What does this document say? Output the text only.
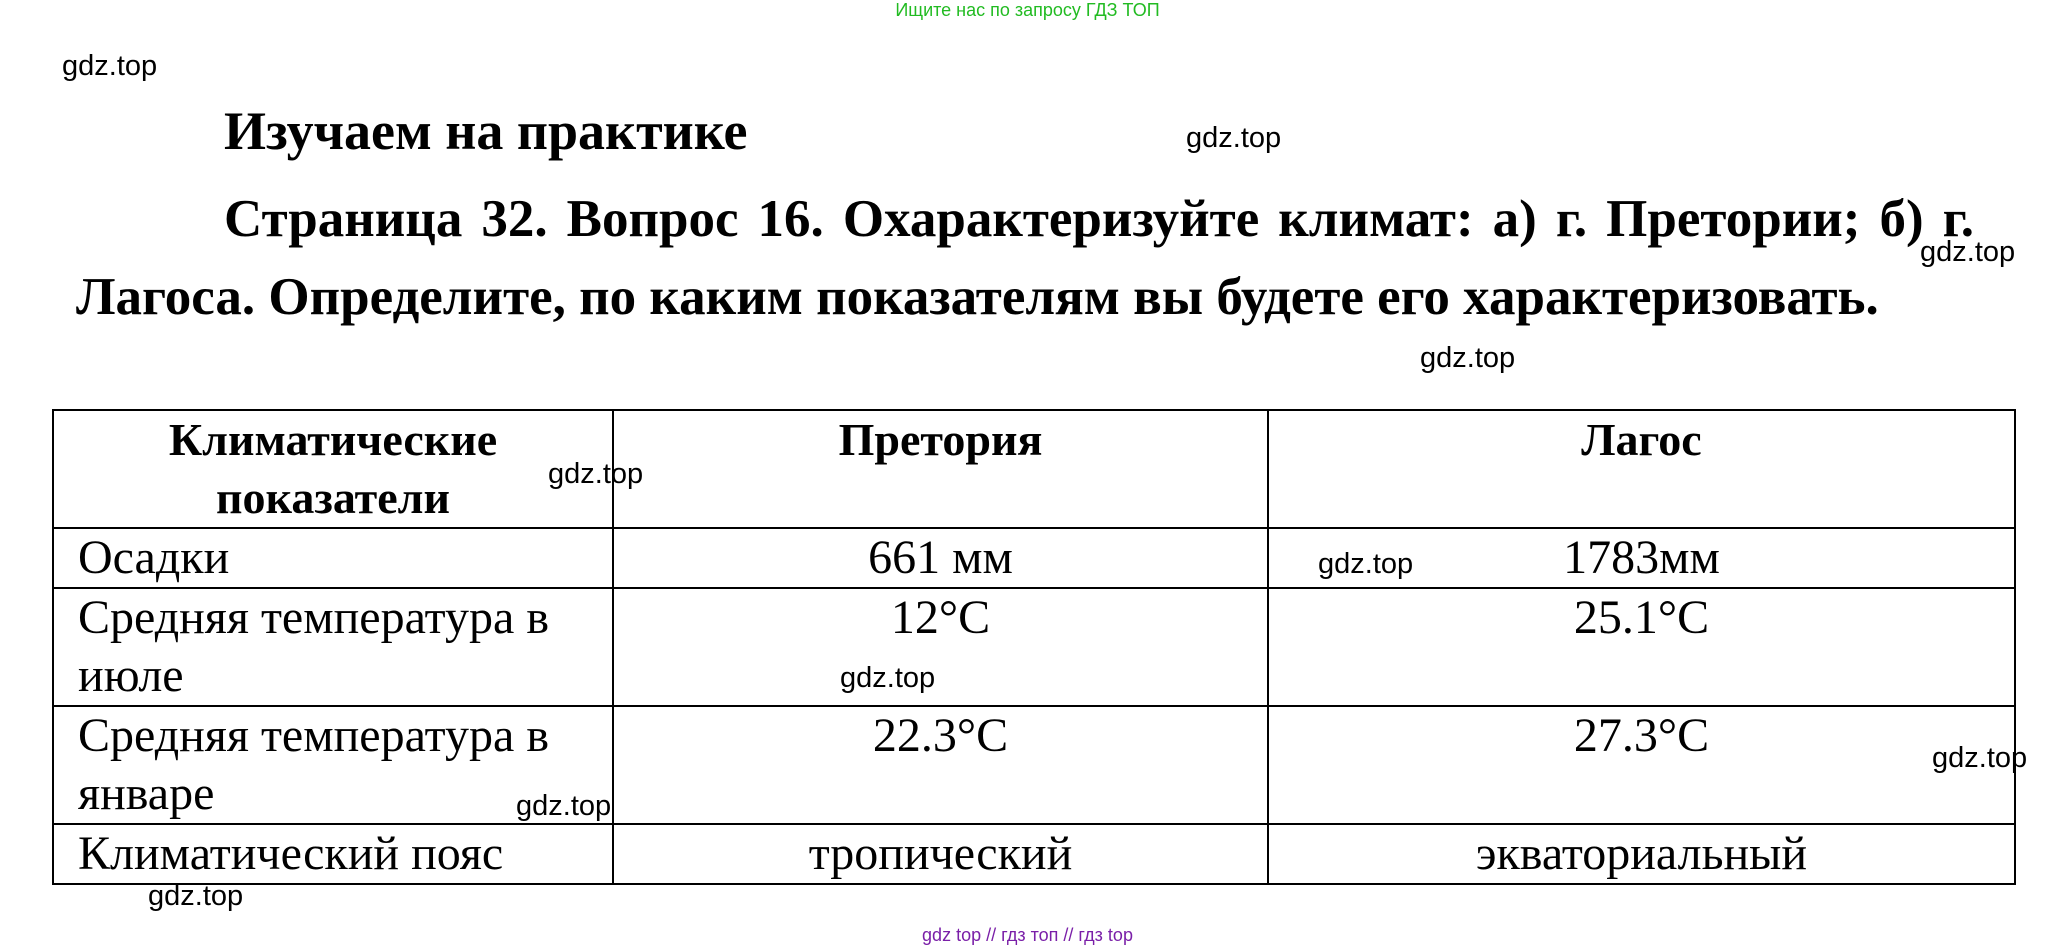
Ищите нас по запросу ГДЗ ТОП
gdz.top
gdz.top
gdz.top
gdz.top
Изучаем на практике
Страница 32. Вопрос 16. Охарактеризуйте климат: а) г. Претории; б) г. Лагоса. Определите, по каким показателям вы будете его характеризовать.
Климатические показатели	Претория	Лагос
Осадки	661 мм	1783мм
Средняя температура в июле	12°C	25.1°C
Средняя температура в январе	22.3°C	27.3°C
Климатический пояс	тропический	экваториальный
gdz.top
gdz.top
gdz.top
gdz.top
gdz.top
gdz.top
gdz top // гдз топ // гдз top
